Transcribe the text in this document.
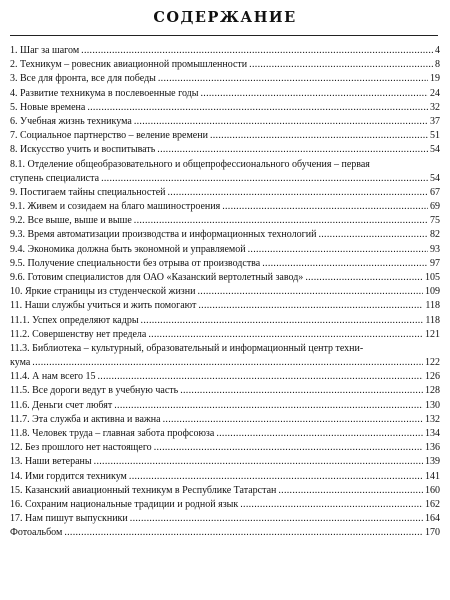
СОДЕРЖАНИЕ
1. Шаг за шагом .....	4
2. Техникум – ровесник авиационной промышленности .....	8
3. Все для фронта, все для победы .....	19
4. Развитие техникума в послевоенные годы .....	24
5. Новые времена .....	32
6. Учебная жизнь техникума .....	37
7. Социальное партнерство – веление времени .....	51
8. Искусство учить и воспитывать .....	54
8.1. Отделение общеобразовательного и общепрофессионального обучения – первая
ступень специалиста .....	54
9. Постигаем тайны специальностей .....	67
9.1. Живем и созидаем на благо машиностроения .....	69
9.2. Все выше, выше и выше .....	75
9.3. Время автоматизации производства и информационных технологий .....	82
9.4. Экономика должна быть экономной и управляемой .....	93
9.5. Получение специальности без отрыва от производства .....	97
9.6. Готовим специалистов для ОАО «Казанский вертолетный завод» .....	105
10. Яркие страницы из студенческой жизни .....	109
11. Наши службы учиться и жить помогают .....	118
11.1. Успех определяют кадры .....	118
11.2. Совершенству нет предела .....	121
11.3. Библиотека – культурный, образовательный и информационный центр техни-
кума .....	122
11.4. А нам всего 15 .....	126
11.5. Все дороги ведут в учебную часть .....	128
11.6. Деньги счет любят .....	130
11.7. Эта служба и активна и важна .....	132
11.8. Человек труда – главная забота профсоюза .....	134
12. Без прошлого нет настоящего .....	136
13. Наши ветераны .....	139
14. Ими гордится техникум .....	141
15. Казанский авиационный техникум в Республике Татарстан .....	160
16. Сохраним национальные традиции и родной язык .....	162
17. Нам пишут выпускники .....	164
Фотоальбом .....	170
